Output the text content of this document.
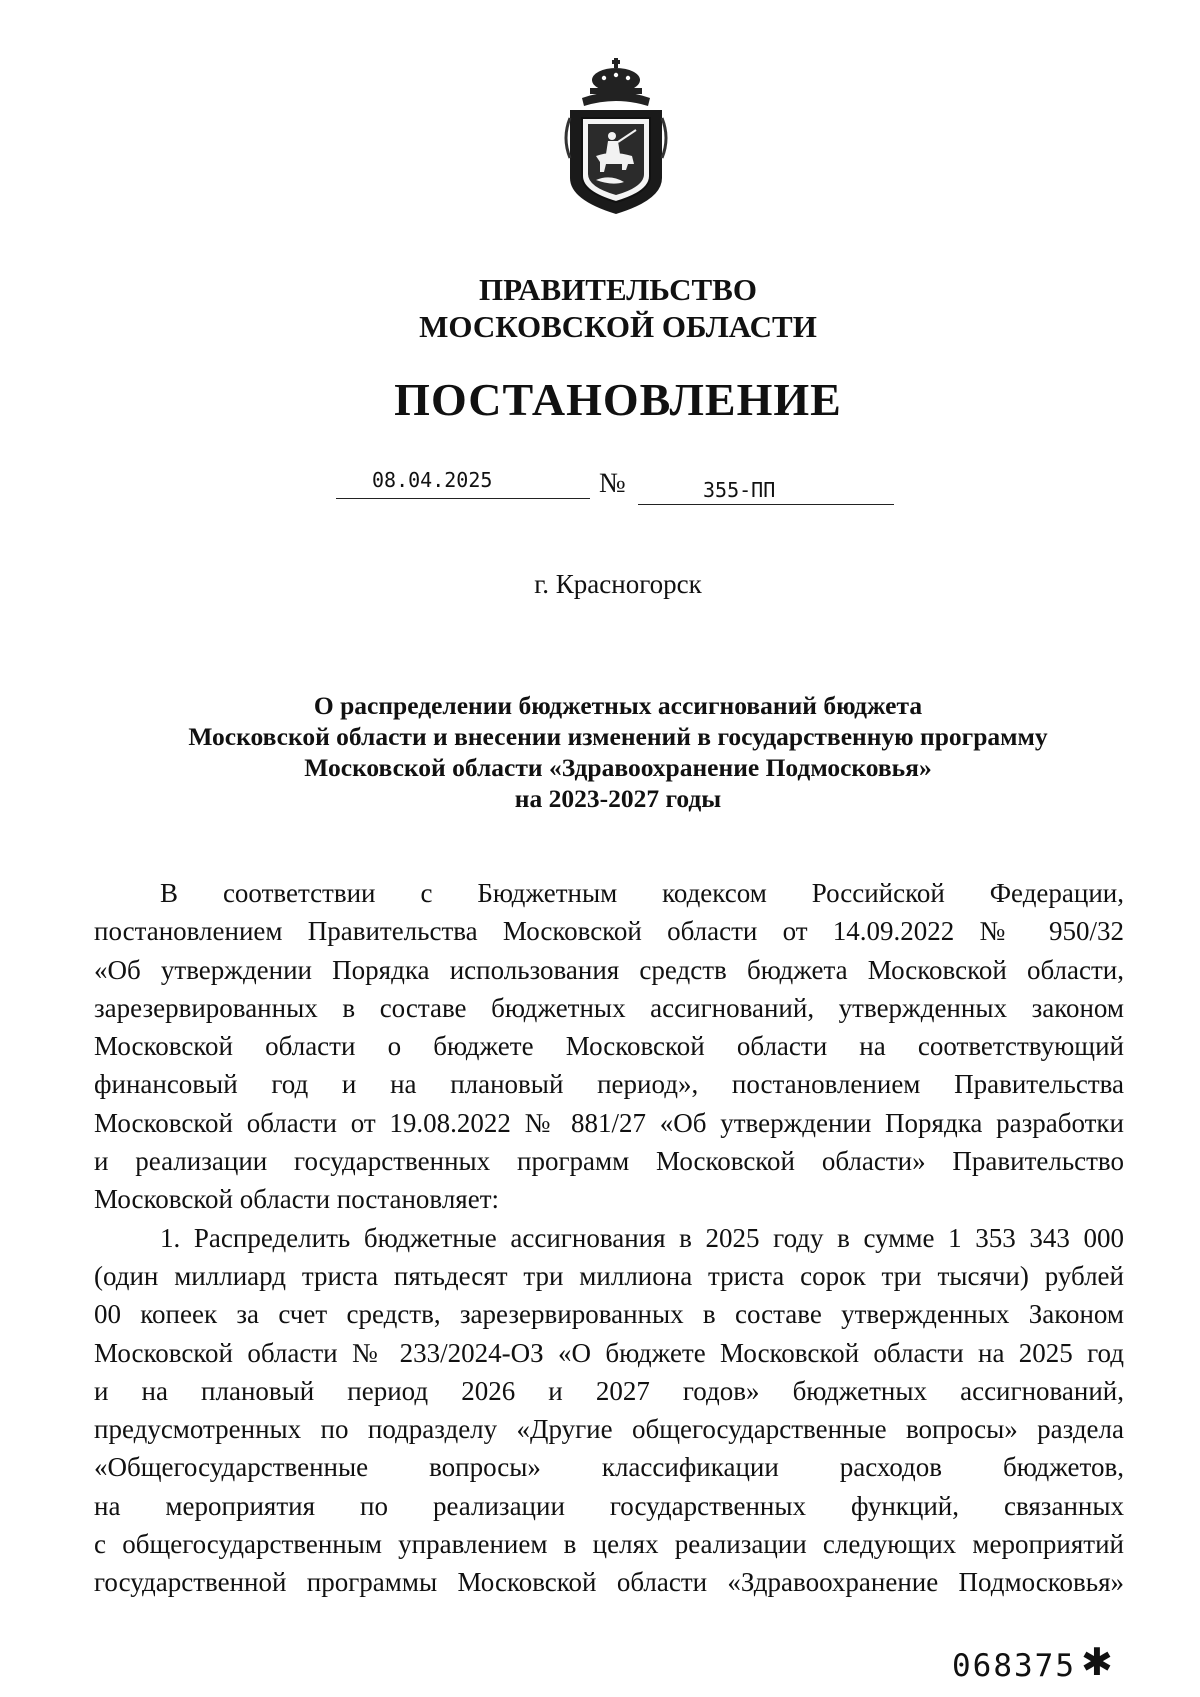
ПРАВИТЕЛЬСТВО
МОСКОВСКОЙ ОБЛАСТИ
ПОСТАНОВЛЕНИЕ
08.04.2025	№	355-ПП
г. Красногорск
О распределении бюджетных ассигнований бюджета
Московской области и внесении изменений в государственную программу
Московской области «Здравоохранение Подмосковья»
на 2023-2027 годы
В соответствии с Бюджетным кодексом Российской Федерации,
постановлением Правительства Московской области от 14.09.2022 № 950/32
«Об утверждении Порядка использования средств бюджета Московской области,
зарезервированных в составе бюджетных ассигнований, утвержденных законом
Московской области о бюджете Московской области на соответствующий
финансовый год и на плановый период», постановлением Правительства
Московской области от 19.08.2022 № 881/27 «Об утверждении Порядка разработки
и реализации государственных программ Московской области» Правительство
Московской области постановляет:
1. Распределить бюджетные ассигнования в 2025 году в сумме 1 353 343 000
(один миллиард триста пятьдесят три миллиона триста сорок три тысячи) рублей
00 копеек за счет средств, зарезервированных в составе утвержденных Законом
Московской области № 233/2024-ОЗ «О бюджете Московской области на 2025 год
и на плановый период 2026 и 2027 годов» бюджетных ассигнований,
предусмотренных по подразделу «Другие общегосударственные вопросы» раздела
«Общегосударственные вопросы» классификации расходов бюджетов,
на мероприятия по реализации государственных функций, связанных
с общегосударственным управлением в целях реализации следующих мероприятий
государственной программы Московской области «Здравоохранение Подмосковья»
068375 ✱
